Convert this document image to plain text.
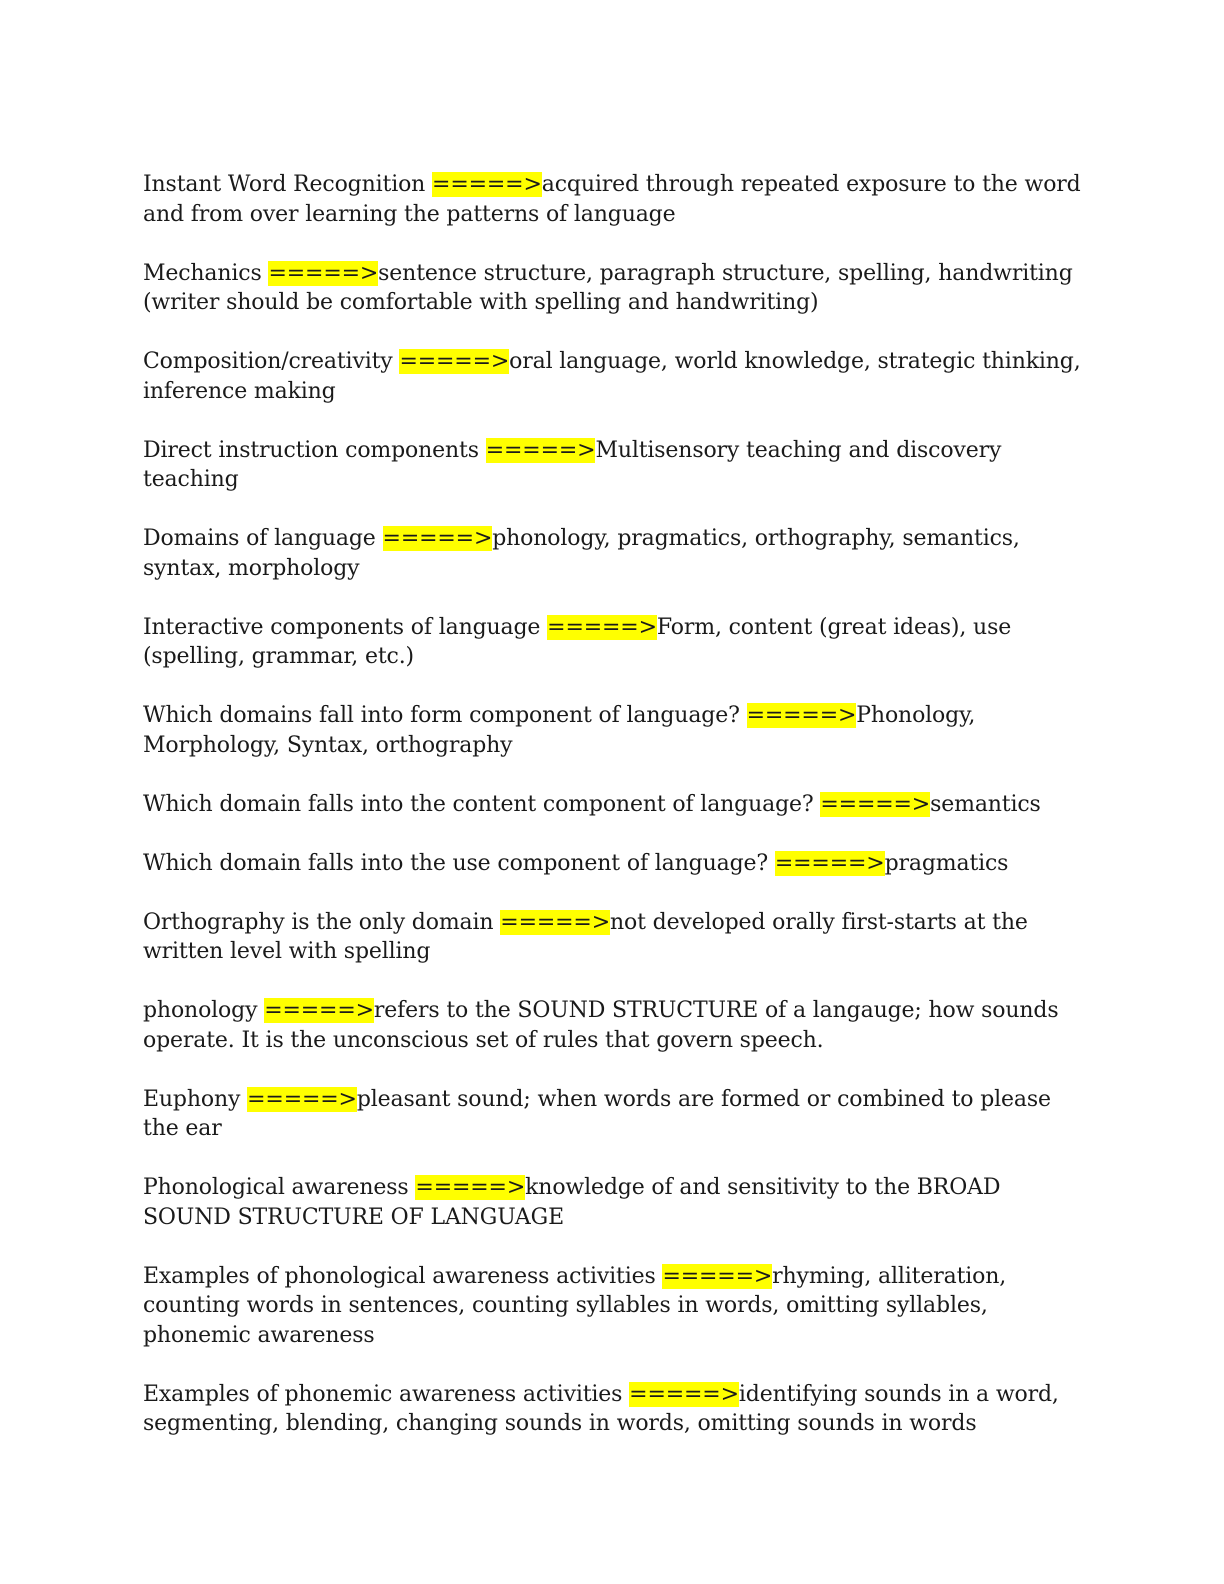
Instant Word Recognition =====>acquired through repeated exposure to the word and from over learning the patterns of language

Mechanics =====>sentence structure, paragraph structure, spelling, handwriting (writer should be comfortable with spelling and handwriting)

Composition/creativity =====>oral language, world knowledge, strategic thinking, inference making

Direct instruction components =====>Multisensory teaching and discovery teaching

Domains of language =====>phonology, pragmatics, orthography, semantics, syntax, morphology

Interactive components of language =====>Form, content (great ideas), use (spelling, grammar, etc.)

Which domains fall into form component of language? =====>Phonology, Morphology, Syntax, orthography

Which domain falls into the content component of language? =====>semantics

Which domain falls into the use component of language? =====>pragmatics

Orthography is the only domain =====>not developed orally first-starts at the written level with spelling

phonology =====>refers to the SOUND STRUCTURE of a langauge; how sounds operate. It is the unconscious set of rules that govern speech.

Euphony =====>pleasant sound; when words are formed or combined to please the ear

Phonological awareness =====>knowledge of and sensitivity to the BROAD SOUND STRUCTURE OF LANGUAGE

Examples of phonological awareness activities =====>rhyming, alliteration, counting words in sentences, counting syllables in words, omitting syllables, phonemic awareness

Examples of phonemic awareness activities =====>identifying sounds in a word, segmenting, blending, changing sounds in words, omitting sounds in words
